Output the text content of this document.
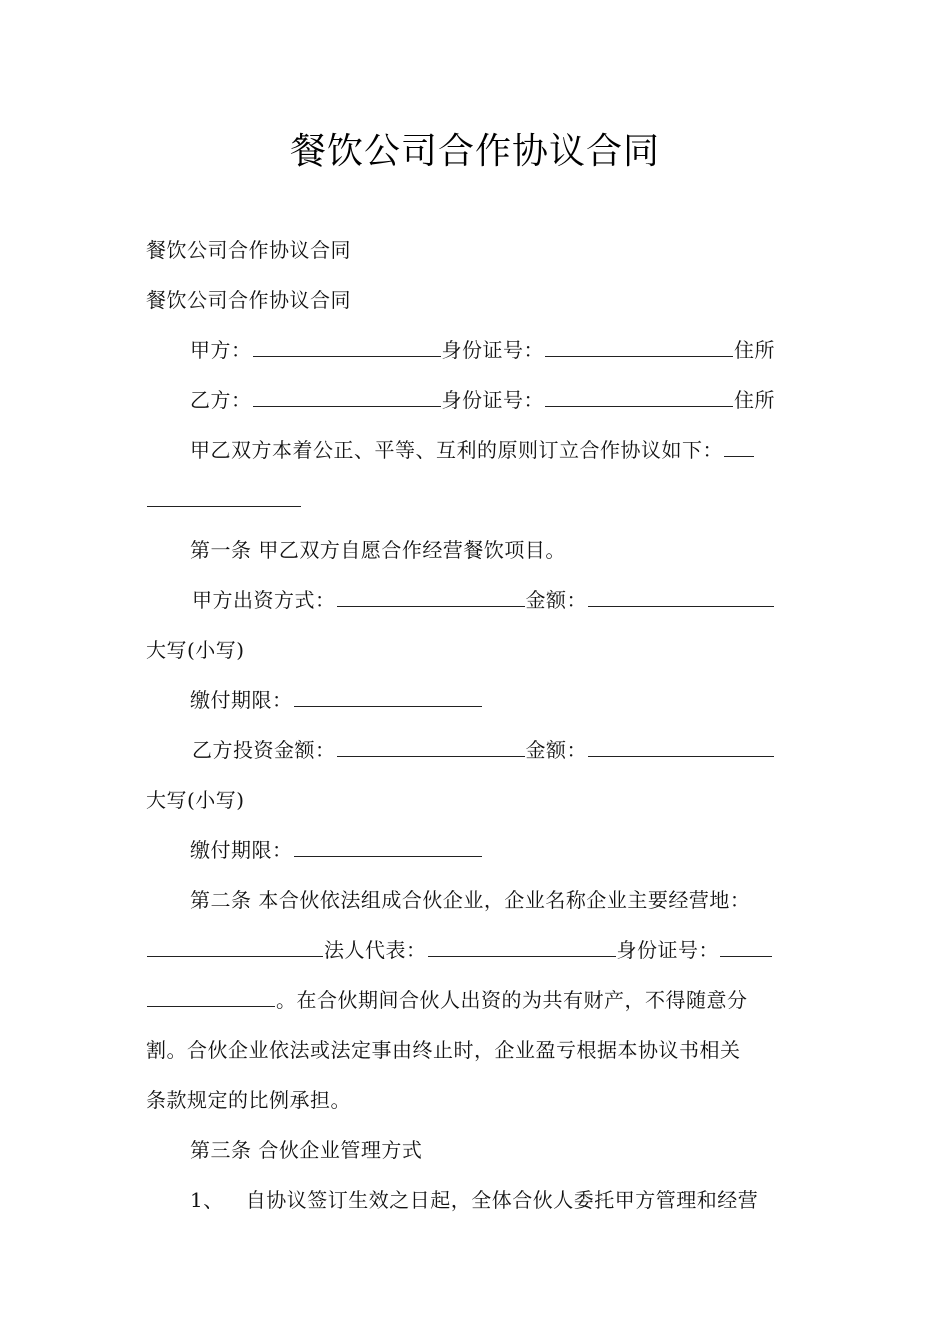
餐饮公司合作协议合同
餐饮公司合作协议合同
餐饮公司合作协议合同
甲方：	身份证号：	住所
乙方：	身份证号：	住所
甲乙双方本着公正、平等、互利的原则订立合作协议如下：
第一条 甲乙双方自愿合作经营餐饮项目。
甲方出资方式：	金额：
大写(小写)
缴付期限：
乙方投资金额：	金额：
大写(小写)
缴付期限：
第二条 本合伙依法组成合伙企业，企业名称企业主要经营地：
法人代表：	身份证号：
。在合伙期间合伙人出资的为共有财产，不得随意分
割。合伙企业依法或法定事由终止时，企业盈亏根据本协议书相关
条款规定的比例承担。
第三条 合伙企业管理方式
1、 自协议签订生效之日起，全体合伙人委托甲方管理和经营
